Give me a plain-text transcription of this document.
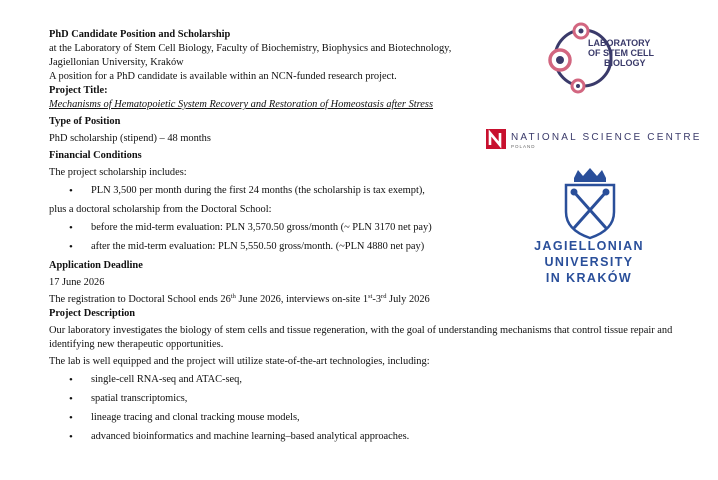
PhD Candidate Position and Scholarship

at the Laboratory of Stem Cell Biology, Faculty of Biochemistry, Biophysics and Biotechnology,

Jagiellonian University, Kraków

A position for a PhD candidate is available within an NCN-funded research project.

Project Title:

Mechanisms of Hematopoietic System Recovery and Restoration of Homeostasis after Stress

Type of Position

PhD scholarship (stipend) – 48 months

Financial Conditions

The project scholarship includes:

• PLN 3,500 per month during the first 24 months (the scholarship is tax exempt),

plus a doctoral scholarship from the Doctoral School:

• before the mid-term evaluation: PLN 3,570.50 gross/month (~ PLN 3170 net pay)
• after the mid-term evaluation: PLN 5,550.50 gross/month. (~PLN 4880 net pay)

Application Deadline

17 June 2026

The registration to Doctoral School ends 26th June 2026, interviews on-site 1st-3rd July 2026

Project Description

Our laboratory investigates the biology of stem cells and tissue regeneration, with the goal of understanding mechanisms that control tissue repair and identifying new therapeutic opportunities.

The lab is well equipped and the project will utilize state-of-the-art technologies, including:

• single-cell RNA-seq and ATAC-seq,
• spatial transcriptomics,
• lineage tracing and clonal tracking mouse models,
• advanced bioinformatics and machine learning–based analytical approaches.
LABORATORY
OF STEM CELL
BIOLOGY
NATIONAL SCIENCE CENTRE
POLAND
JAGIELLONIAN UNIVERSITY
IN KRAKÓW
